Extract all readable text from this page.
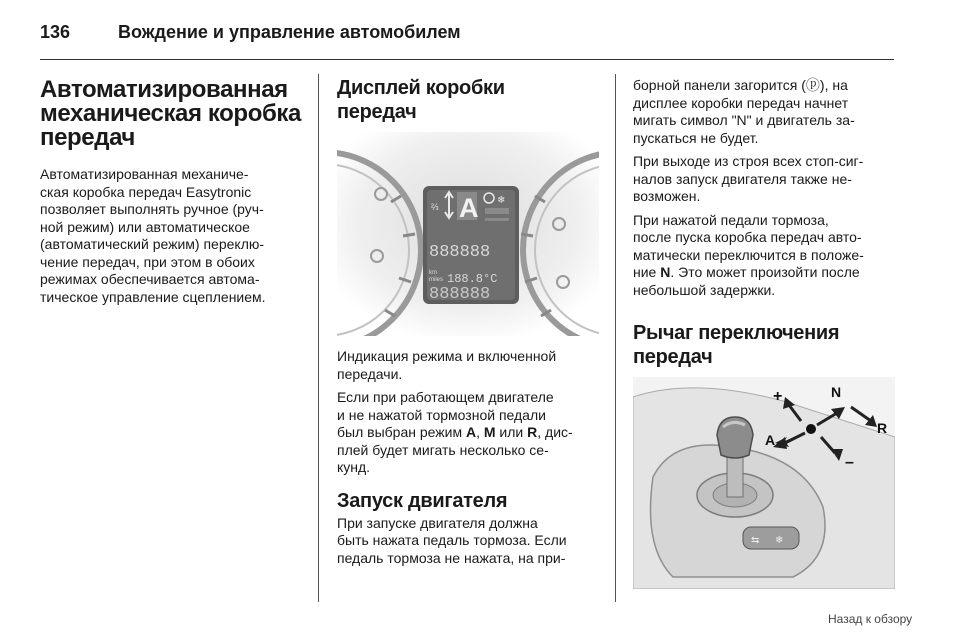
136	Вождение и управление автомобилем
Автоматизированная
механическая коробка
передач

Автоматизированная механиче-
ская коробка передач Easytronic
позволяет выполнять ручное (руч-
ной режим) или автоматическое
(автоматический режим) переклю-
чение передач, при этом в обоих
режимах обеспечивается автома-
тическое управление сцеплением.

Дисплей коробки
передач
⅔ A ❄
888888
km
miles 188.8°C
888888

Индикация режима и включенной
передачи.

Если при работающем двигателе
и не нажатой тормозной педали
был выбран режим A, M или R, дис-
плей будет мигать несколько се-
кунд.

Запуск двигателя

При запуске двигателя должна
быть нажата педаль тормоза. Если
педаль тормоза не нажата, на при-

борной панели загорится (ⓟ), на
дисплее коробки передач начнет
мигать символ "N" и двигатель за-
пускаться не будет.

При выходе из строя всех стоп-сиг-
налов запуск двигателя также не-
возможен.

При нажатой педали тормоза,
после пуска коробка передач авто-
матически переключится в положе-
ние N. Это может произойти после
небольшой задержки.

Рычаг переключения
передач
⇆ ❄
+	N
R
A
–
Назад к обзору
